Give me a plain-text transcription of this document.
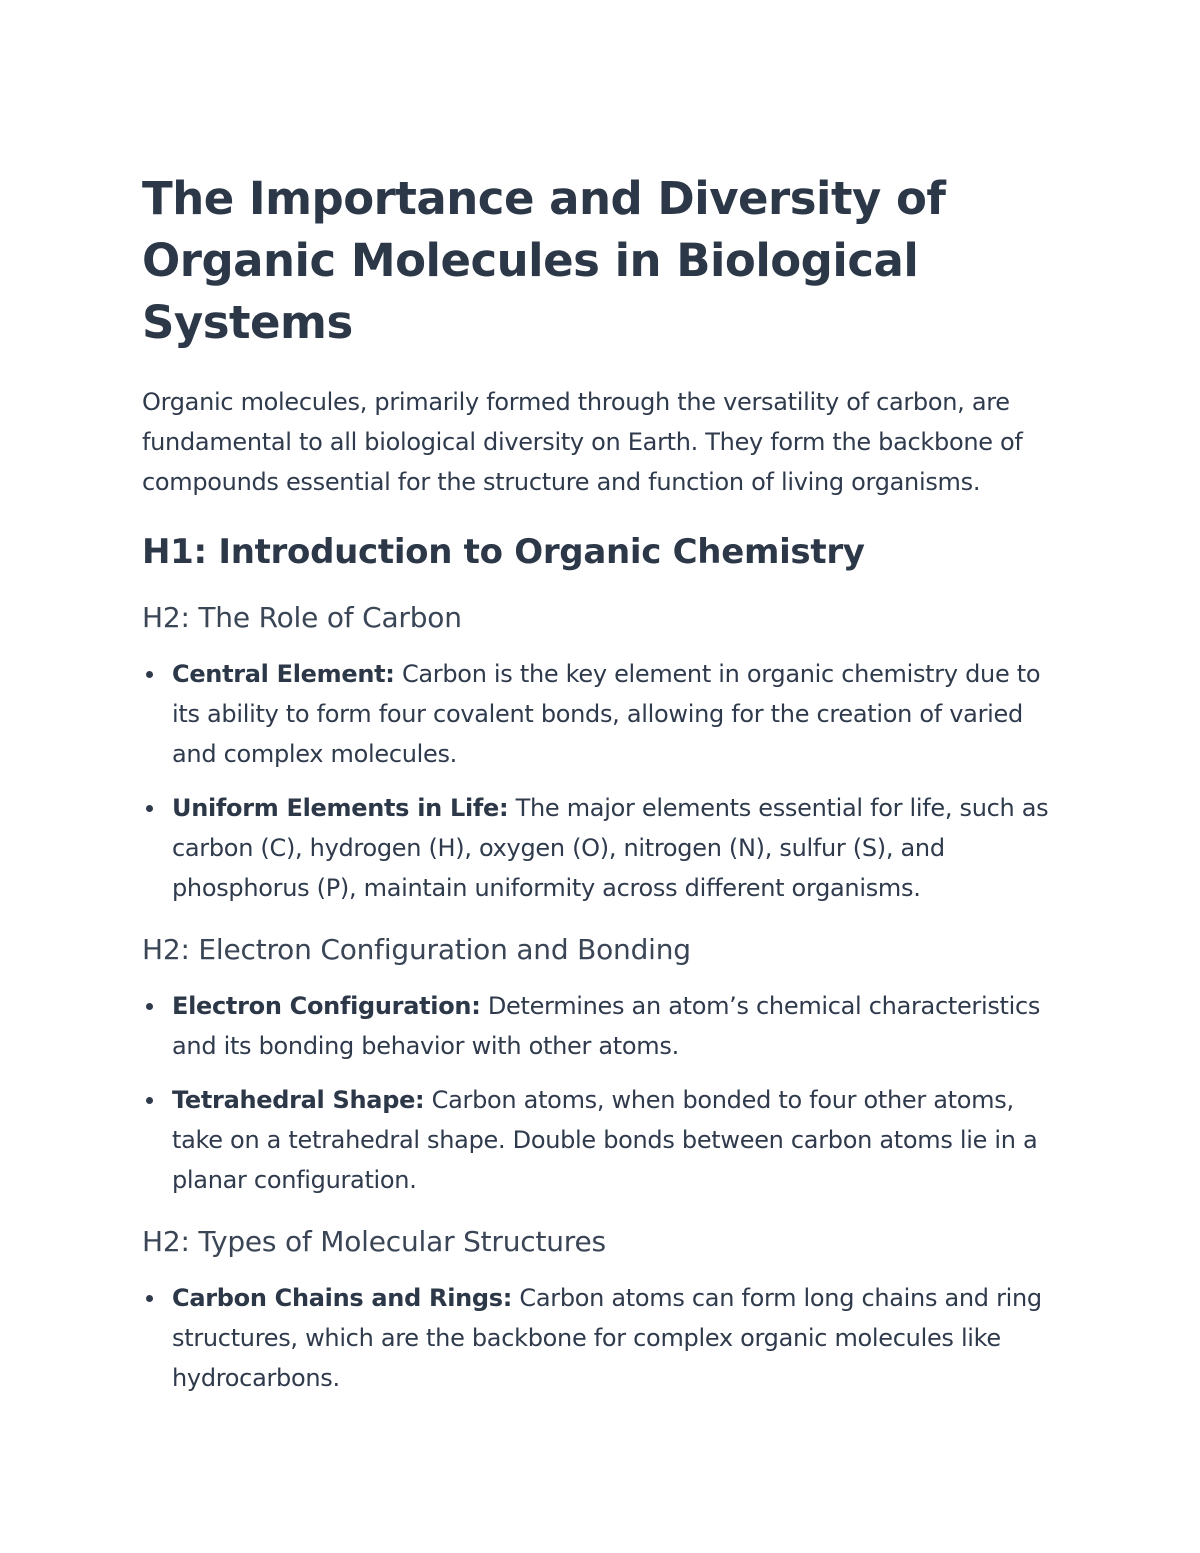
The Importance and Diversity of Organic Molecules in Biological Systems

Organic molecules, primarily formed through the versatility of carbon, are fundamental to all biological diversity on Earth. They form the backbone of compounds essential for the structure and function of living organisms.

H1: Introduction to Organic Chemistry
H2: The Role of Carbon
Central Element: Carbon is the key element in organic chemistry due to its ability to form four covalent bonds, allowing for the creation of varied and complex molecules.
Uniform Elements in Life: The major elements essential for life, such as carbon (C), hydrogen (H), oxygen (O), nitrogen (N), sulfur (S), and phosphorus (P), maintain uniformity across different organisms.
H2: Electron Configuration and Bonding
Electron Configuration: Determines an atom’s chemical characteristics and its bonding behavior with other atoms.
Tetrahedral Shape: Carbon atoms, when bonded to four other atoms, take on a tetrahedral shape. Double bonds between carbon atoms lie in a planar configuration.
H2: Types of Molecular Structures
Carbon Chains and Rings: Carbon atoms can form long chains and ring structures, which are the backbone for complex organic molecules like hydrocarbons.
